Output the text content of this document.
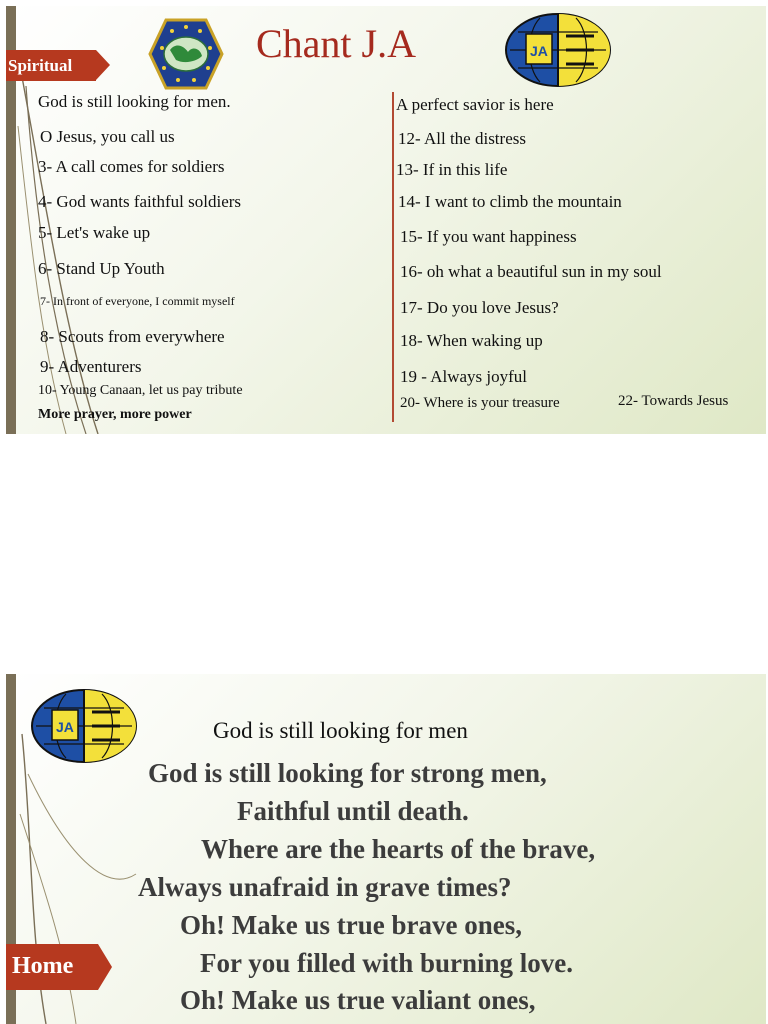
Spiritual	Chant J.A	JA
God is still looking for men.
O Jesus, you call us
3- A call comes for soldiers
4- God wants faithful soldiers
5- Let's wake up
6- Stand Up Youth
7- In front of everyone, I commit myself
8- Scouts from everywhere
9- Adventurers
10- Young Canaan, let us pay tribute
More prayer, more power
A perfect savior is here
12- All the distress
13- If in this life
14- I want to climb the mountain
15- If you want happiness
16- oh what a beautiful sun in my soul
17- Do you love Jesus?
18- When waking up
19 - Always joyful
20- Where is your treasure	22- Towards Jesus
JA	God is still looking for men
God is still looking for strong men,
Faithful until death.
Where are the hearts of the brave,
Always unafraid in grave times?
Oh! Make us true brave ones,
For you filled with burning love.
Oh! Make us true valiant ones,
Home
